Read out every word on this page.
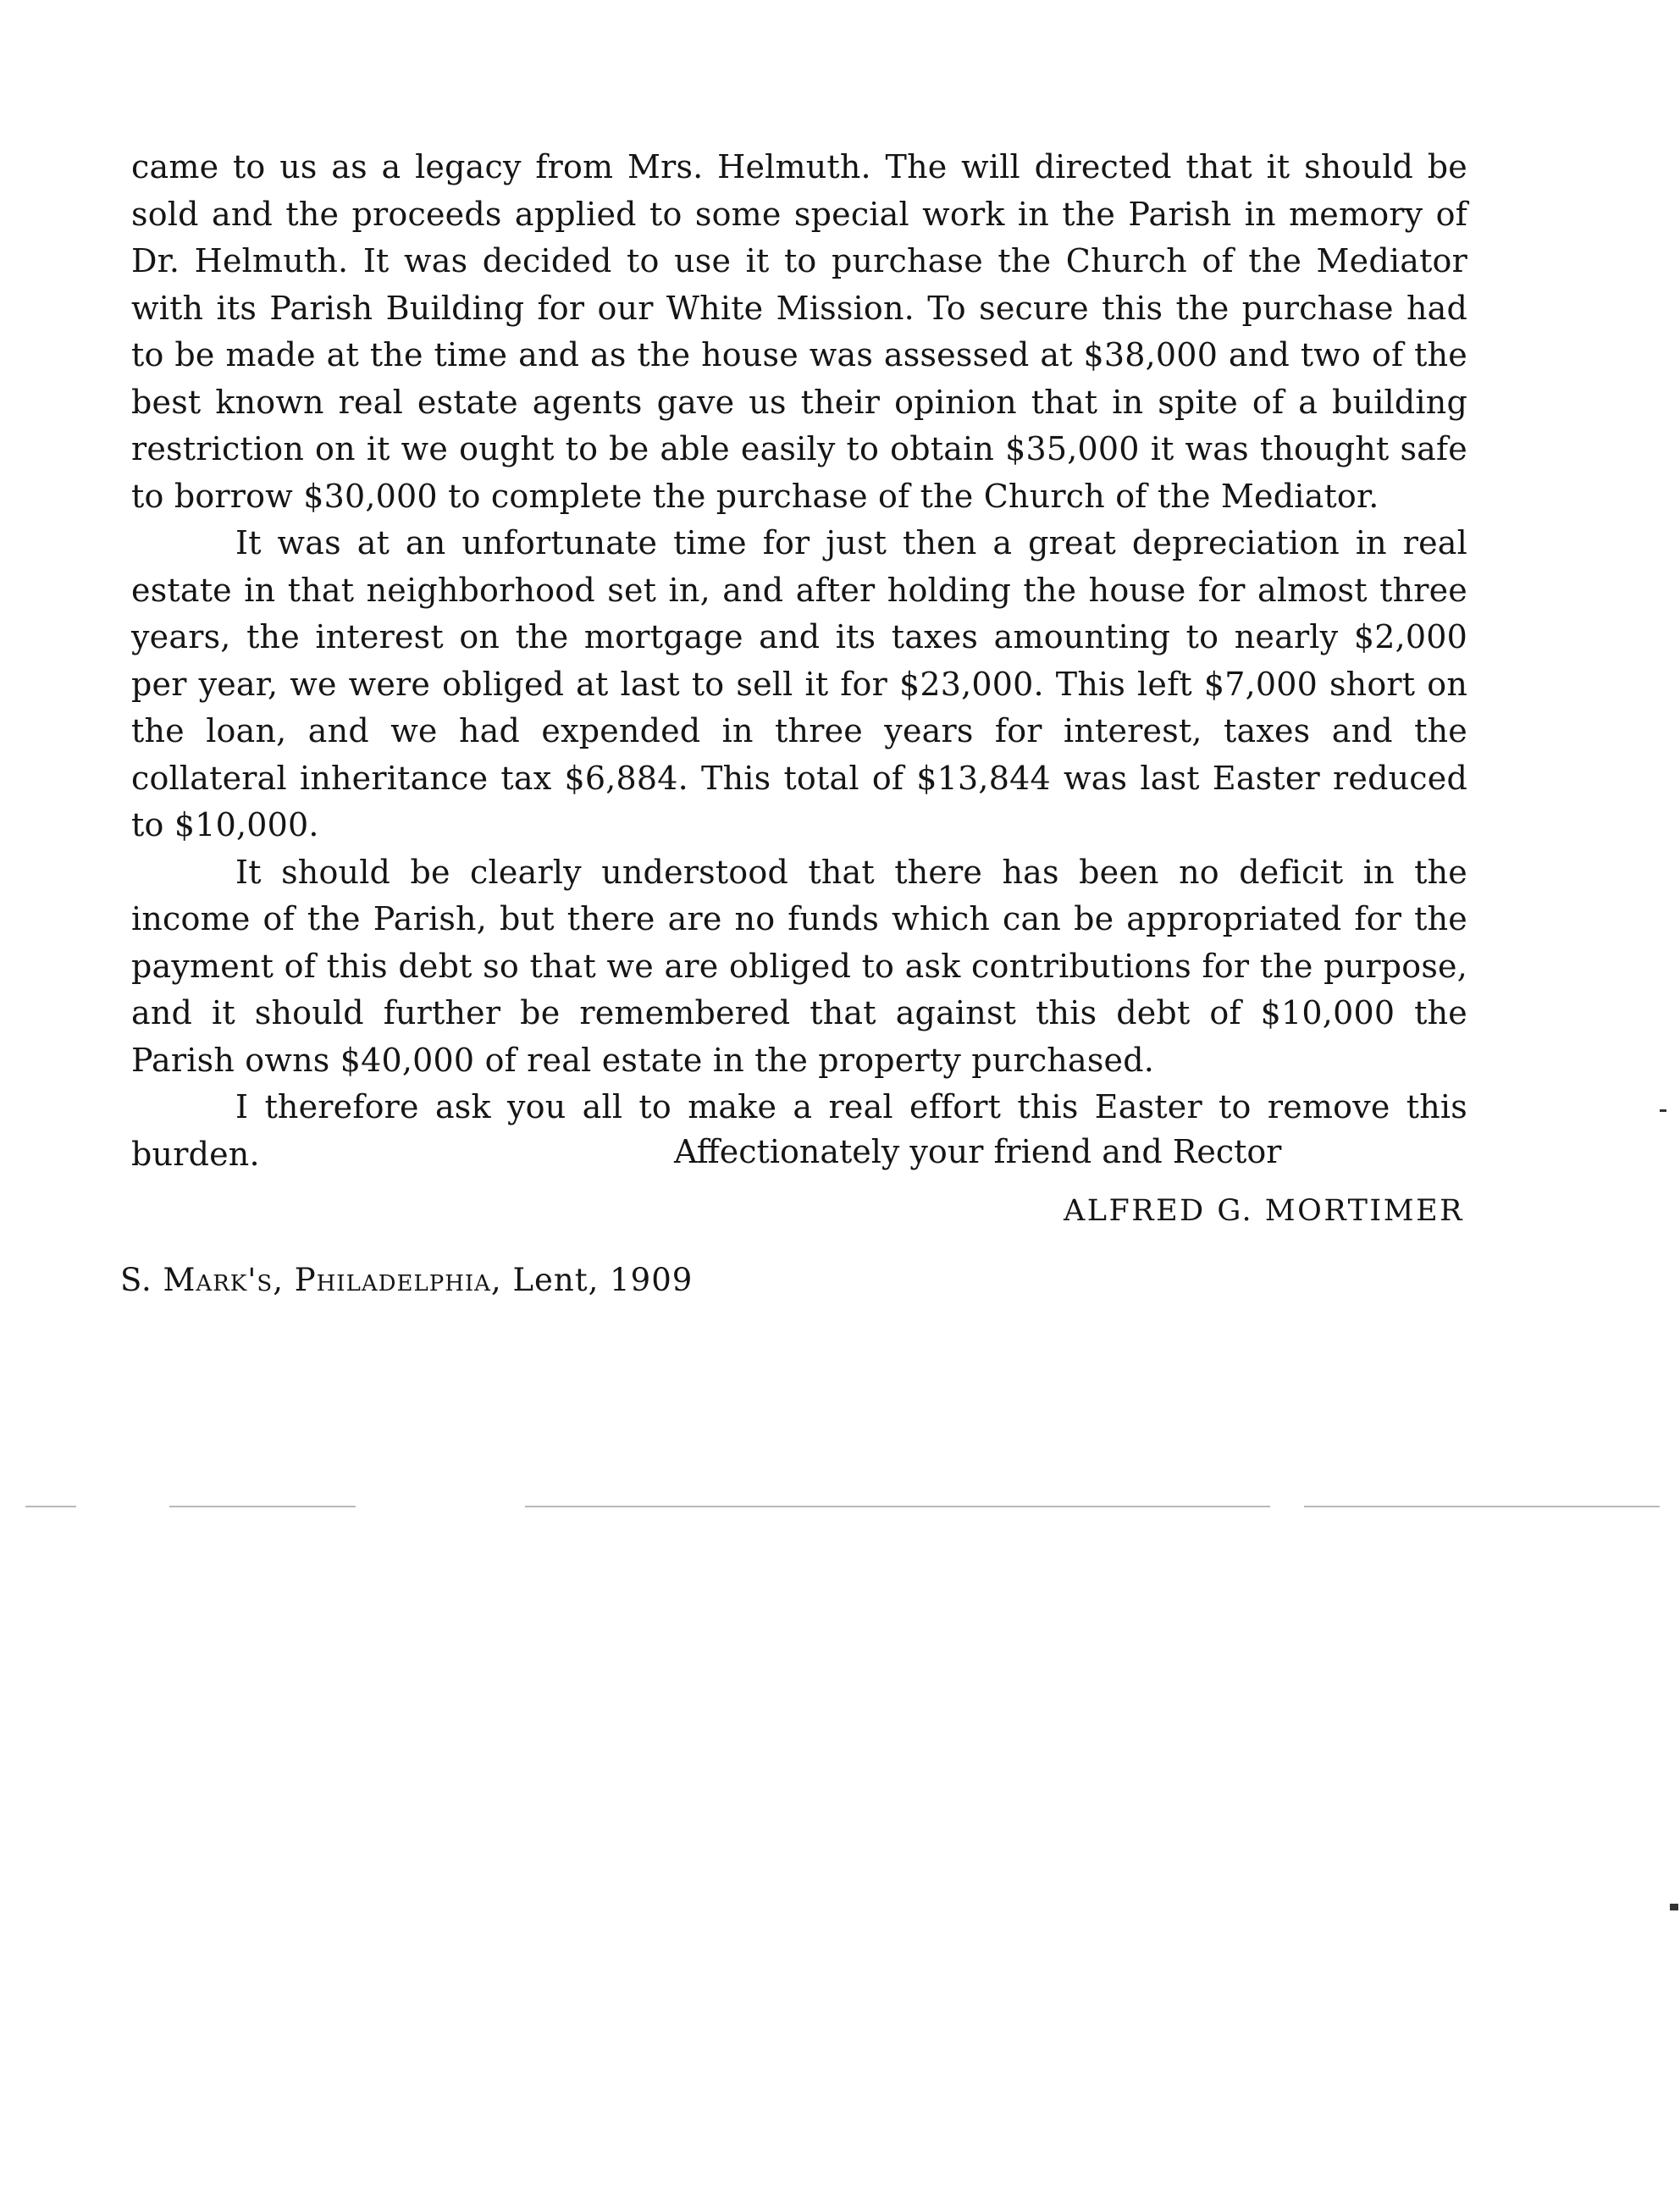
came to us as a legacy from Mrs. Helmuth. The will directed that it should be sold and the proceeds applied to some special work in the Parish in memory of Dr. Helmuth. It was decided to use it to purchase the Church of the Mediator with its Parish Building for our White Mission. To secure this the purchase had to be made at the time and as the house was assessed at $38,000 and two of the best known real estate agents gave us their opinion that in spite of a building restriction on it we ought to be able easily to obtain $35,000 it was thought safe to borrow $30,000 to complete the purchase of the Church of the Mediator.

It was at an unfortunate time for just then a great depreciation in real estate in that neighborhood set in, and after holding the house for almost three years, the interest on the mortgage and its taxes amounting to nearly $2,000 per year, we were obliged at last to sell it for $23,000. This left $7,000 short on the loan, and we had expended in three years for interest, taxes and the collateral inheritance tax $6,884. This total of $13,844 was last Easter reduced to $10,000.

It should be clearly understood that there has been no deficit in the income of the Parish, but there are no funds which can be appropriated for the payment of this debt so that we are obliged to ask contributions for the purpose, and it should further be remembered that against this debt of $10,000 the Parish owns $40,000 of real estate in the property purchased.

I therefore ask you all to make a real effort this Easter to remove this burden.	Affectionately your friend and Rector
ALFRED G. MORTIMER
S. Mark's, Philadelphia, Lent, 1909
